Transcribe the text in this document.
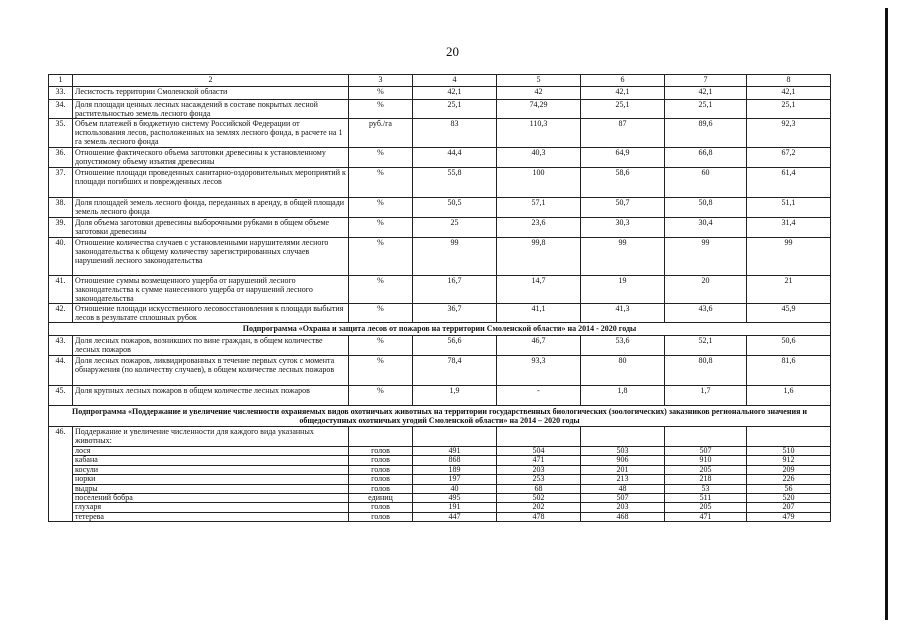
20
1	2	3	4	5	6	7	8
33.	Лесистость территории Смоленской области	%	42,1	42	42,1	42,1	42,1
34.	Доля площади ценных лесных насаждений в составе покрытых лесной растительностью земель лесного фонда	%	25,1	74,29	25,1	25,1	25,1
35.	Объем платежей в бюджетную систему Российской Федерации от использования лесов, расположенных на землях лесного фонда, в расчете на 1 га земель лесного фонда	руб./га	83	110,3	87	89,6	92,3
36.	Отношение фактического объема заготовки древесины к установленному допустимому объему изъятия древесины	%	44,4	40,3	64,9	66,8	67,2
37.	Отношение площади проведенных санитарно-оздоровительных мероприятий к площади погибших и поврежденных лесов	%	55,8	100	58,6	60	61,4
38.	Доля площадей земель лесного фонда, переданных в аренду, в общей площади земель лесного фонда	%	50,5	57,1	50,7	50,8	51,1
39.	Доля объема заготовки древесины выборочными рубками в общем объеме заготовки древесины	%	25	23,6	30,3	30,4	31,4
40.	Отношение количества случаев с установленными нарушителями лесного законодательства к общему количеству зарегистрированных случаев нарушений лесного законодательства	%	99	99,8	99	99	99
41.	Отношение суммы возмещенного ущерба от нарушений лесного законодательства к сумме нанесенного ущерба от нарушений лесного законодательства	%	16,7	14,7	19	20	21
42.	Отношение площади искусственного лесовосстановления к площади выбытия лесов в результате сплошных рубок	%	36,7	41,1	41,3	43,6	45,9
Подпрограмма «Охрана и защита лесов от пожаров на территории Смоленской области» на 2014 - 2020 годы							
43.	Доля лесных пожаров, возникших по вине граждан, в общем количестве лесных пожаров	%	56,6	46,7	53,6	52,1	50,6
44.	Доля лесных пожаров, ликвидированных в течение первых суток с момента обнаружения (по количеству случаев), в общем количестве лесных пожаров	%	78,4	93,3	80	80,8	81,6
45.	Доля крупных лесных пожаров в общем количестве лесных пожаров	%	1,9	-	1,8	1,7	1,6
Подпрограмма «Поддержание и увеличение численности охраняемых видов охотничьих животных на территории государственных биологических (зоологических) заказников регионального значения и общедоступных охотничьих угодий Смоленской области» на 2014 – 2020 годы							
46.	Поддержание и увеличение численности для каждого вида указанных животных:						
	лося	голов	491	504	503	507	510
	кабана	голов	868	471	906	910	912
	косули	голов	189	203	201	205	209
	норки	голов	197	253	213	218	226
	выдры	голов	40	68	48	53	56
	поселений бобра	единиц	495	502	507	511	520
	глухаря	голов	191	202	203	205	207
	тетерева	голов	447	478	468	471	479
